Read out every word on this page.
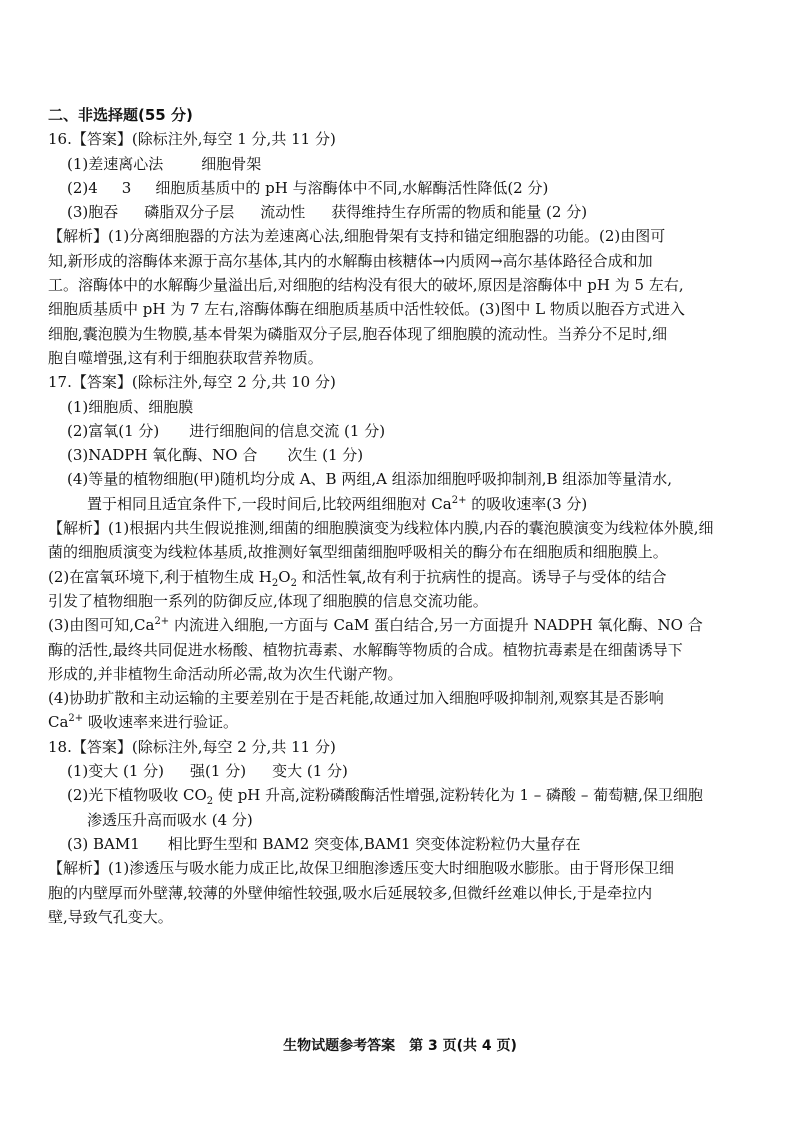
二、非选择题(55 分)
16.【答案】(除标注外,每空 1 分,共 11 分)
(1)差速离心法	细胞骨架
(2)4 3 细胞质基质中的 pH 与溶酶体中不同,水解酶活性降低(2 分)
(3)胞吞 磷脂双分子层 流动性 获得维持生存所需的物质和能量 (2 分)
【解析】(1)分离细胞器的方法为差速离心法,细胞骨架有支持和锚定细胞器的功能。(2)由图可
知,新形成的溶酶体来源于高尔基体,其内的水解酶由核糖体→内质网→高尔基体路径合成和加
工。溶酶体中的水解酶少量溢出后,对细胞的结构没有很大的破坏,原因是溶酶体中 pH 为 5 左右,
细胞质基质中 pH 为 7 左右,溶酶体酶在细胞质基质中活性较低。(3)图中 L 物质以胞吞方式进入
细胞,囊泡膜为生物膜,基本骨架为磷脂双分子层,胞吞体现了细胞膜的流动性。当养分不足时,细
胞自噬增强,这有利于细胞获取营养物质。
17.【答案】(除标注外,每空 2 分,共 10 分)
(1)细胞质、细胞膜
(2)富氧(1 分) 进行细胞间的信息交流 (1 分)
(3)NADPH 氧化酶、NO 合 次生 (1 分)
(4)等量的植物细胞(甲)随机均分成 A、B 两组,A 组添加细胞呼吸抑制剂,B 组添加等量清水,
置于相同且适宜条件下,一段时间后,比较两组细胞对 $Ca^{2+}$ 的吸收速率(3 分)
【解析】(1)根据内共生假说推测,细菌的细胞膜演变为线粒体内膜,内吞的囊泡膜演变为线粒体外膜,细
菌的细胞质演变为线粒体基质,故推测好氧型细菌细胞呼吸相关的酶分布在细胞质和细胞膜上。
(2)在富氧环境下,利于植物生成 $H_2O_2$ 和活性氧,故有利于抗病性的提高。诱导子与受体的结合
引发了植物细胞一系列的防御反应,体现了细胞膜的信息交流功能。
(3)由图可知$,Ca^{2+}$ 内流进入细胞,一方面与 CaM 蛋白结合,另一方面提升 NADPH 氧化酶、NO 合
酶的活性,最终共同促进水杨酸、植物抗毒素、水解酶等物质的合成。植物抗毒素是在细菌诱导下
形成的,并非植物生命活动所必需,故为次生代谢产物。
(4)协助扩散和主动运输的主要差别在于是否耗能,故通过加入细胞呼吸抑制剂,观察其是否影响
$Ca^{2+}$ 吸收速率来进行验证。
18.【答案】(除标注外,每空 2 分,共 11 分)
(1)变大 (1 分) 强(1 分) 变大 (1 分)
(2)光下植物吸收 $CO_2$ 使 pH 升高,淀粉磷酸酶活性增强,淀粉转化为 1 – 磷酸 – 葡萄糖,保卫细胞
渗透压升高而吸水 (4 分)
(3) BAM1 相比野生型和 BAM2 突变体,BAM1 突变体淀粉粒仍大量存在
【解析】(1)渗透压与吸水能力成正比,故保卫细胞渗透压变大时细胞吸水膨胀。由于肾形保卫细
胞的内壁厚而外壁薄,较薄的外壁伸缩性较强,吸水后延展较多,但微纤丝难以伸长,于是牵拉内
壁,导致气孔变大。
生物试题参考答案　第 3 页(共 4 页)
